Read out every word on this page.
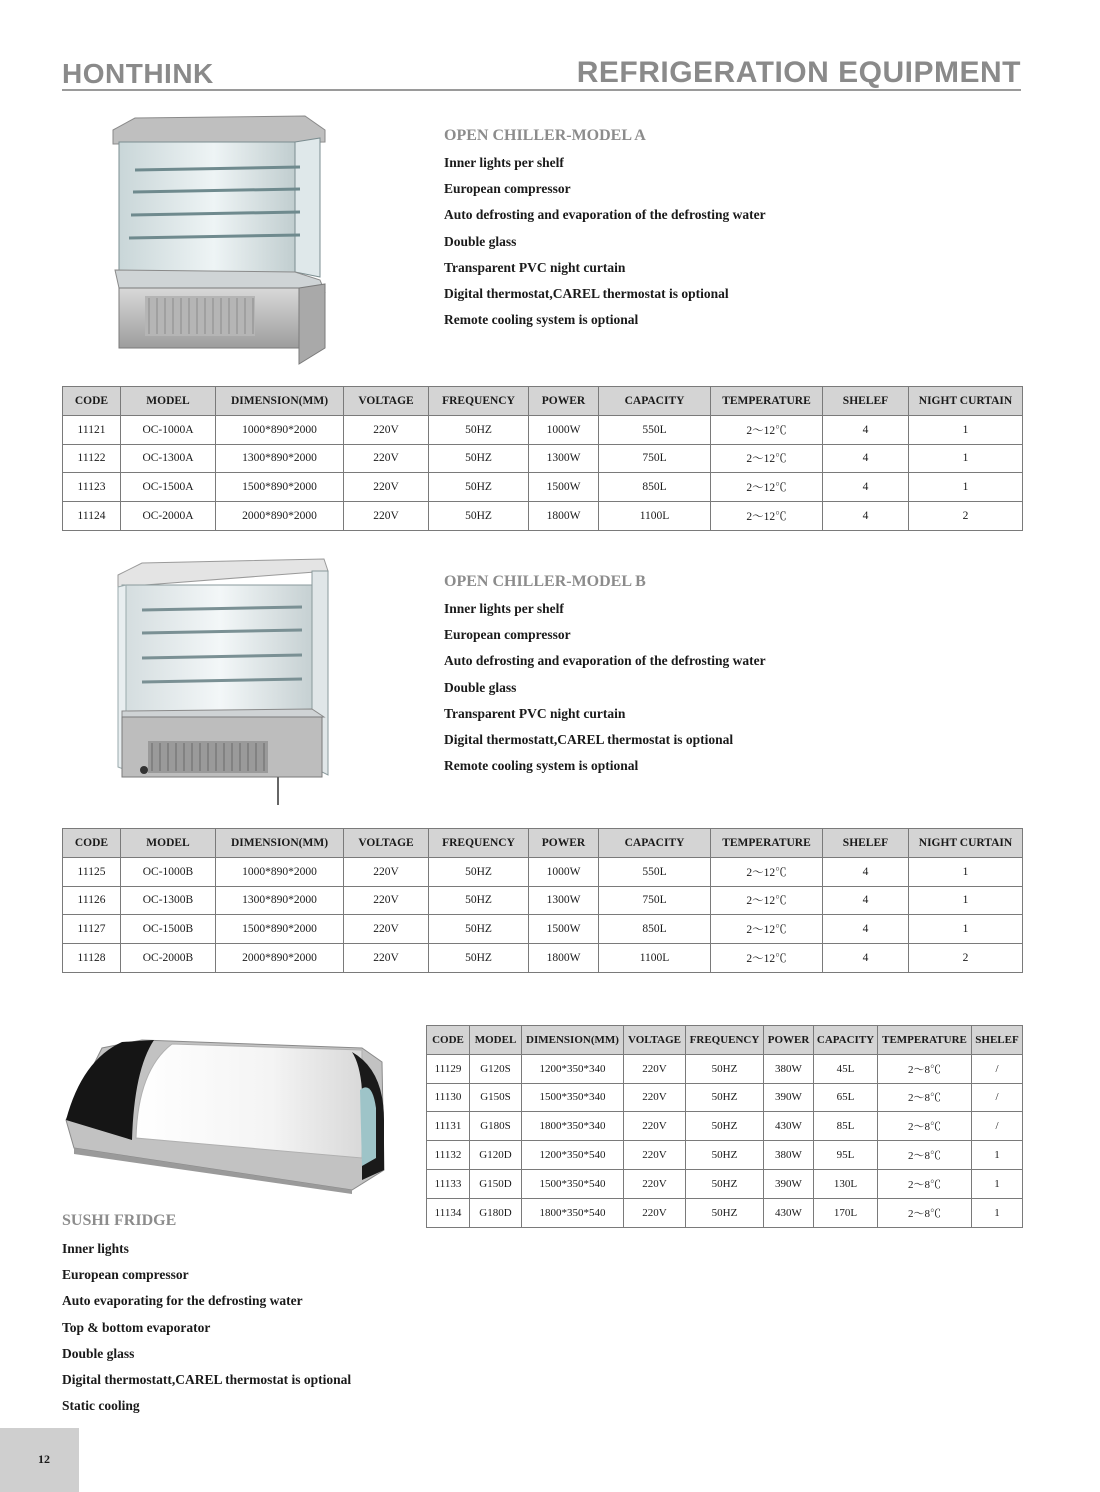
HONTHINK	REFRIGERATION EQUIPMENT
OPEN CHILLER-MODEL A
Inner lights per shelf
European compressor
Auto defrosting and evaporation of the defrosting water
Double glass
Transparent PVC night curtain
Digital thermostat,CAREL thermostat is optional
Remote cooling system is optional
CODE	MODEL	DIMENSION(MM)	VOLTAGE	FREQUENCY	POWER	CAPACITY	TEMPERATURE	SHELEF	NIGHT CURTAIN
11121	OC-1000A	1000*890*2000	220V	50HZ	1000W	550L	2～12℃	4	1
11122	OC-1300A	1300*890*2000	220V	50HZ	1300W	750L	2～12℃	4	1
11123	OC-1500A	1500*890*2000	220V	50HZ	1500W	850L	2～12℃	4	1
11124	OC-2000A	2000*890*2000	220V	50HZ	1800W	1100L	2～12℃	4	2
OPEN CHILLER-MODEL B
Inner lights per shelf
European compressor
Auto defrosting and evaporation of the defrosting water
Double glass
Transparent PVC night curtain
Digital thermostatt,CAREL thermostat is optional
Remote cooling system is optional
CODE	MODEL	DIMENSION(MM)	VOLTAGE	FREQUENCY	POWER	CAPACITY	TEMPERATURE	SHELEF	NIGHT CURTAIN
11125	OC-1000B	1000*890*2000	220V	50HZ	1000W	550L	2～12℃	4	1
11126	OC-1300B	1300*890*2000	220V	50HZ	1300W	750L	2～12℃	4	1
11127	OC-1500B	1500*890*2000	220V	50HZ	1500W	850L	2～12℃	4	1
11128	OC-2000B	2000*890*2000	220V	50HZ	1800W	1100L	2～12℃	4	2
SUSHI FRIDGE
Inner lights
European compressor
Auto evaporating for the defrosting water
Top & bottom evaporator
Double glass
Digital thermostatt,CAREL thermostat is optional
Static cooling
CODE	MODEL	DIMENSION(MM)	VOLTAGE	FREQUENCY	POWER	CAPACITY	TEMPERATURE	SHELEF
11129	G120S	1200*350*340	220V	50HZ	380W	45L	2～8℃	/
11130	G150S	1500*350*340	220V	50HZ	390W	65L	2～8℃	/
11131	G180S	1800*350*340	220V	50HZ	430W	85L	2～8℃	/
11132	G120D	1200*350*540	220V	50HZ	380W	95L	2～8℃	1
11133	G150D	1500*350*540	220V	50HZ	390W	130L	2～8℃	1
11134	G180D	1800*350*540	220V	50HZ	430W	170L	2～8℃	1
12
